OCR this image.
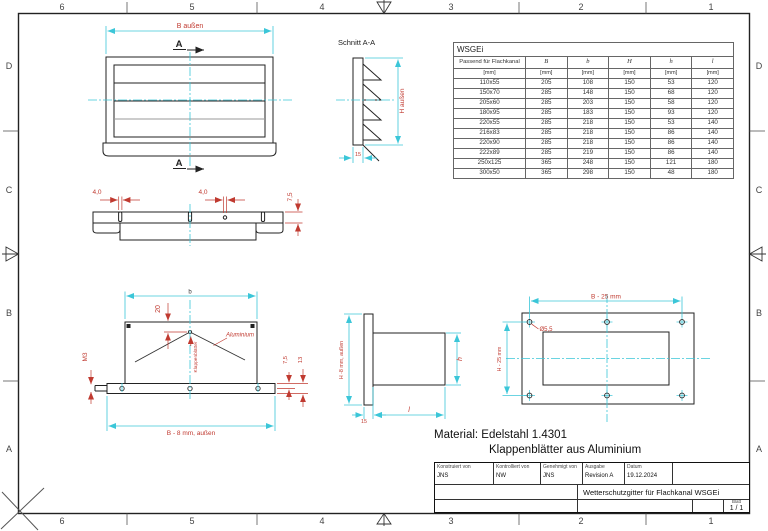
6	5	4	3	2	1
6	5	4	3	2	1
D
C
B
A
D
C
B
A
B außen
A
A
Schnitt A-A
H außen
15
4,0	4,0	7,5
b
20
M3
Aluminium
Klappenblätter	7,5 13
B - 8 mm, außen
H -8 mm, außen
15
l
h
B - 25 mm
H - 25 mm
Ø5,5
WSGEi					
Passend für Flachkanal	B	b	H	h	l
[mm]	[mm]	[mm]	[mm]	[mm]	[mm]
110x55	205	108	150	53	120
150x70	285	148	150	68	120
205x60	285	203	150	58	120
180x95	285	183	150	93	120
220x55	285	218	150	53	140
216x83	285	218	150	86	140
220x90	285	218	150	86	140
222x89	285	219	150	86	140
250x125	365	248	150	121	180
300x50	365	298	150	48	180
Material: Edelstahl 1.4301
Klappenblätter aus Aluminium
Konstruiert von
JNS
Kontrolliert von
NW
Genehmigt von
JNS
Ausgabe
Revision A
Datum
19.12.2024
Wetterschutzgitter für Flachkanal WSGEi
Blatt
1 / 1
